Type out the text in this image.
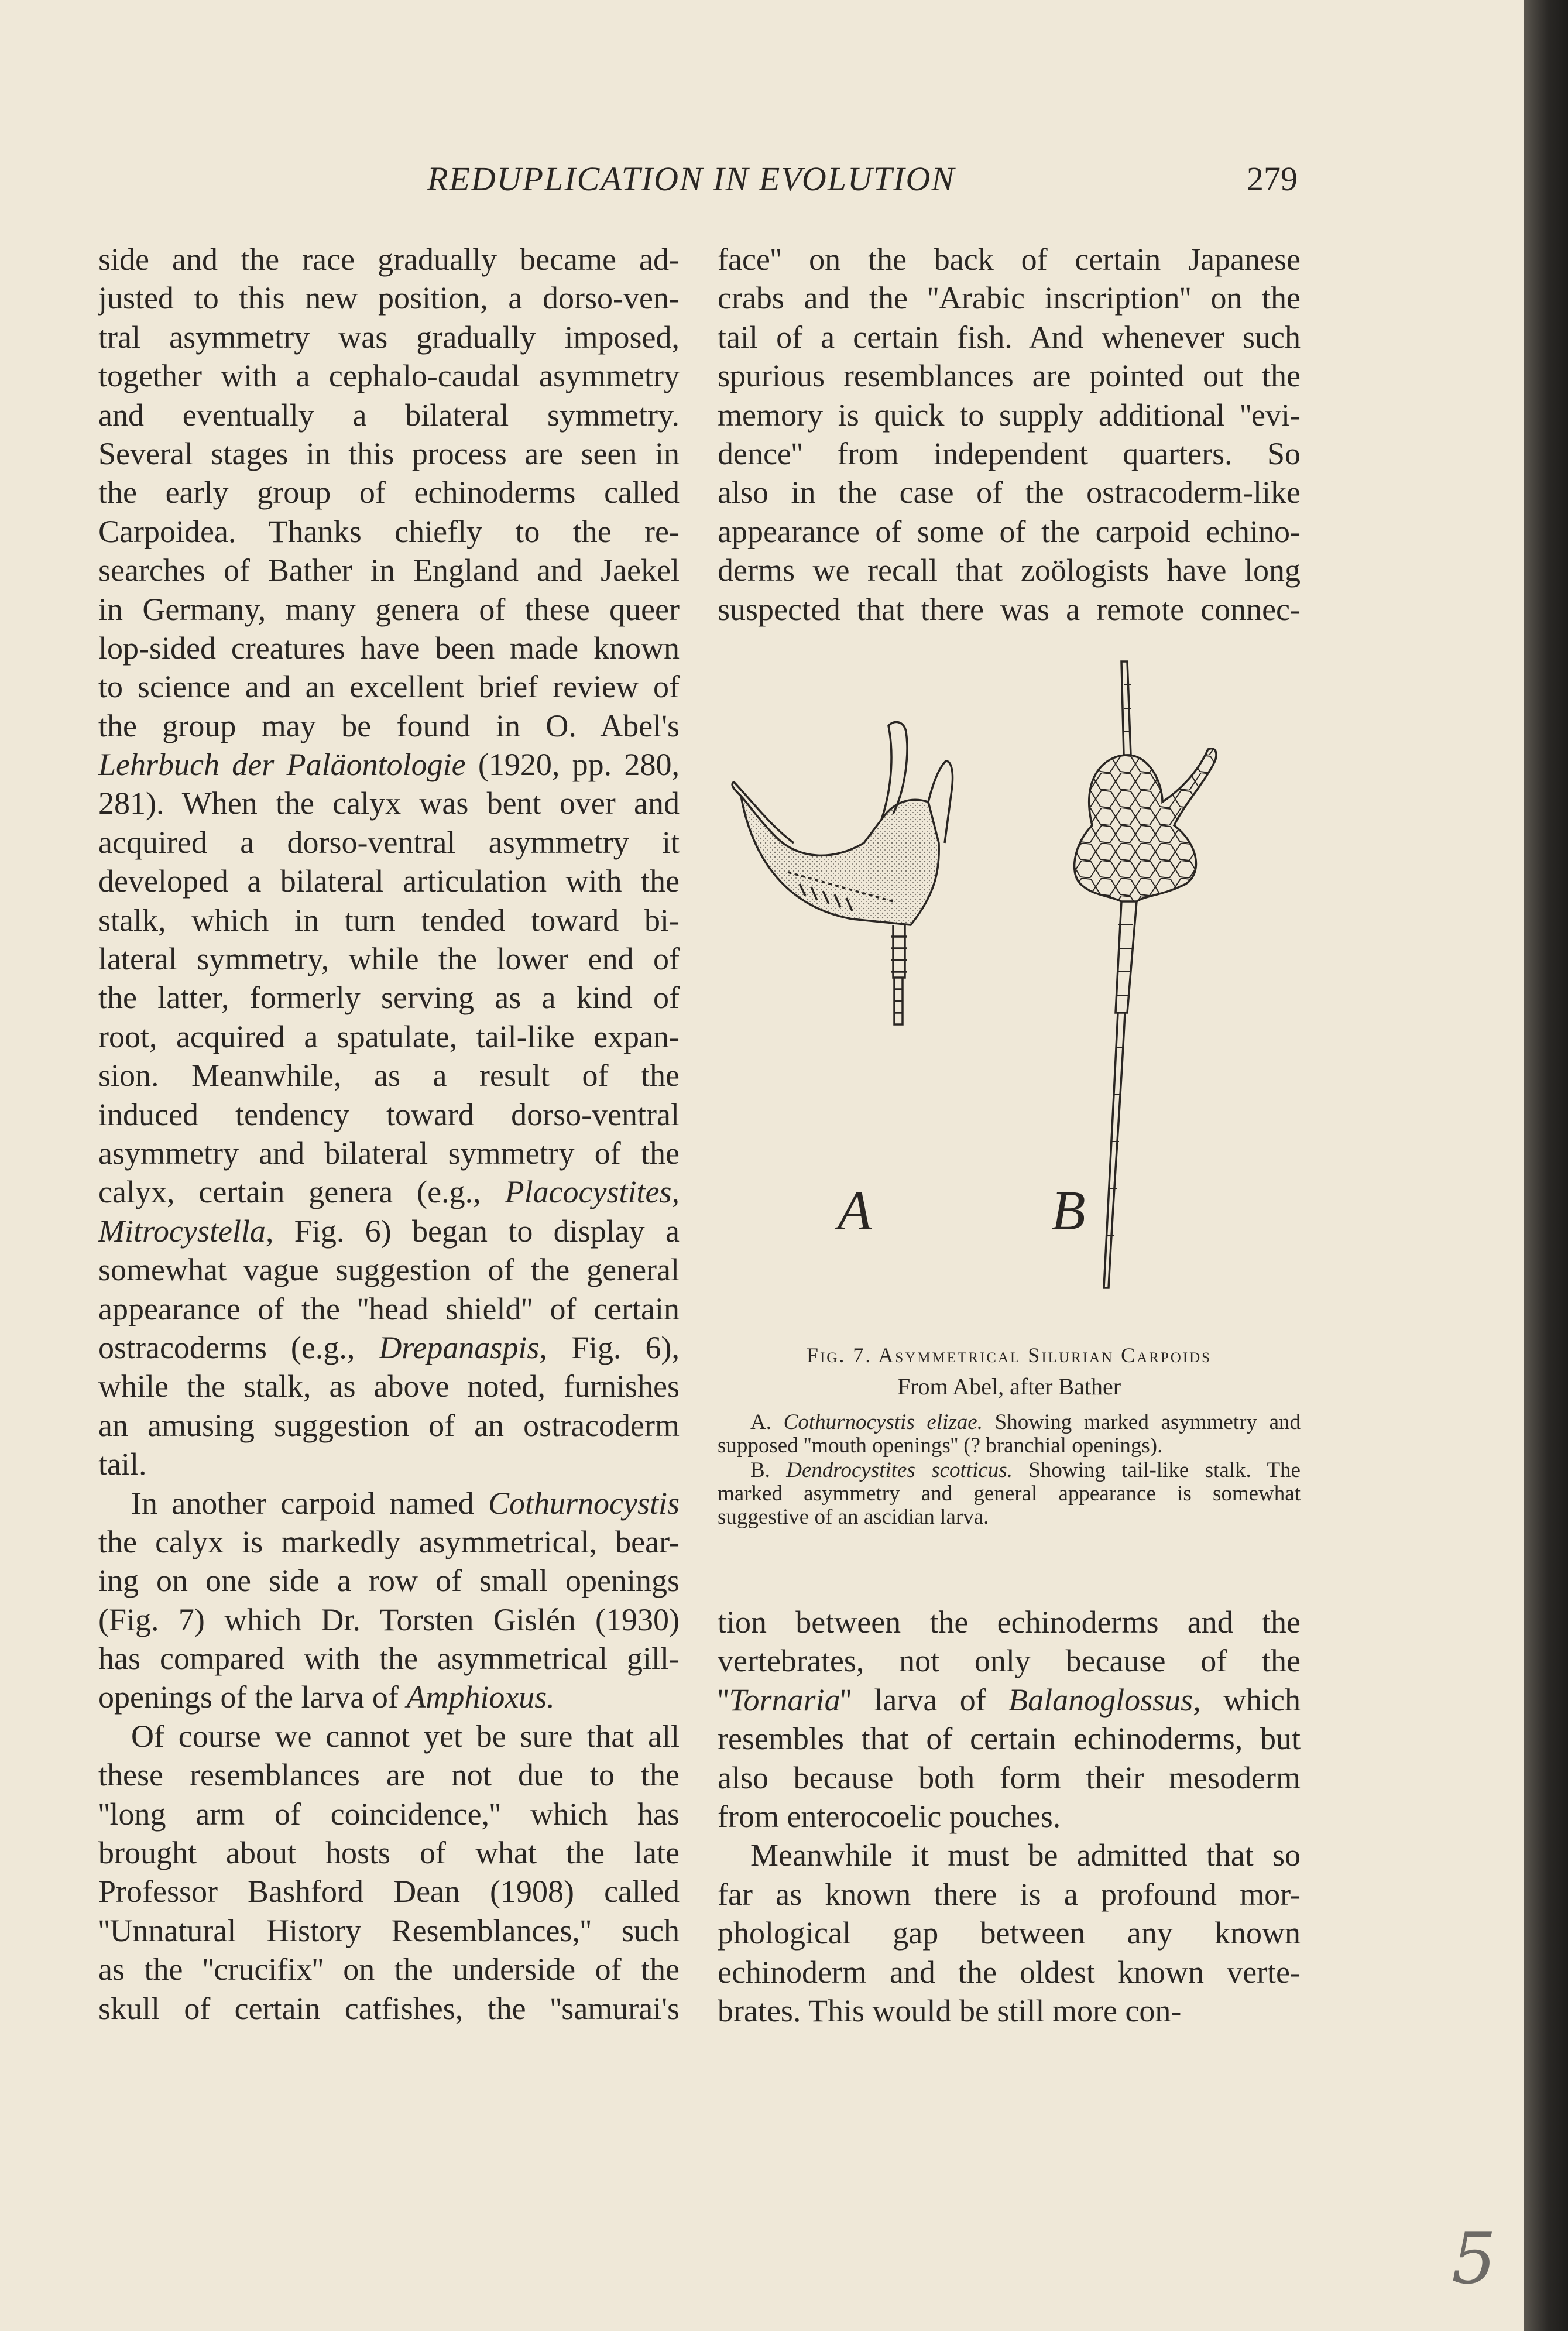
REDUPLICATION IN EVOLUTION	279
side and the race gradually became ad-
justed to this new position, a dorso-ven-
tral asymmetry was gradually imposed,
together with a cephalo-caudal asymmetry
and eventually a bilateral symmetry.
Several stages in this process are seen in
the early group of echinoderms called
Carpoidea. Thanks chiefly to the re-
searches of Bather in England and Jaekel
in Germany, many genera of these queer
lop-sided creatures have been made known
to science and an excellent brief review of
the group may be found in O. Abel's
Lehrbuch der Paläontologie (1920, pp. 280,
281). When the calyx was bent over and
acquired a dorso-ventral asymmetry it
developed a bilateral articulation with the
stalk, which in turn tended toward bi-
lateral symmetry, while the lower end of
the latter, formerly serving as a kind of
root, acquired a spatulate, tail-like expan-
sion. Meanwhile, as a result of the
induced tendency toward dorso-ventral
asymmetry and bilateral symmetry of the
calyx, certain genera (e.g., Placocystites,
Mitrocystella, Fig. 6) began to display a
somewhat vague suggestion of the general
appearance of the ''head shield'' of certain
ostracoderms (e.g., Drepanaspis, Fig. 6),
while the stalk, as above noted, furnishes
an amusing suggestion of an ostracoderm
tail.
In another carpoid named Cothurnocystis
the calyx is markedly asymmetrical, bear-
ing on one side a row of small openings
(Fig. 7) which Dr. Torsten Gislén (1930)
has compared with the asymmetrical gill-
openings of the larva of Amphioxus.
Of course we cannot yet be sure that all
these resemblances are not due to the
''long arm of coincidence,'' which has
brought about hosts of what the late
Professor Bashford Dean (1908) called
''Unnatural History Resemblances,'' such
as the ''crucifix'' on the underside of the
skull of certain catfishes, the ''samurai's
face'' on the back of certain Japanese
crabs and the ''Arabic inscription'' on the
tail of a certain fish. And whenever such
spurious resemblances are pointed out the
memory is quick to supply additional ''evi-
dence'' from independent quarters. So
also in the case of the ostracoderm-like
appearance of some of the carpoid echino-
derms we recall that zoölogists have long
suspected that there was a remote connec-
A	B
Fig. 7. Asymmetrical Silurian Carpoids
From Abel, after Bather

A. Cothurnocystis elizae. Showing marked asymmetry and supposed ''mouth openings'' (? branchial openings).

B. Dendrocystites scotticus. Showing tail-like stalk. The marked asymmetry and general appearance is somewhat suggestive of an ascidian larva.

tion between the echinoderms and the
vertebrates, not only because of the
''Tornaria'' larva of Balanoglossus, which
resembles that of certain echinoderms, but
also because both form their mesoderm
from enterocoelic pouches.
Meanwhile it must be admitted that so
far as known there is a profound mor-
phological gap between any known
echinoderm and the oldest known verte-
brates. This would be still more con-
5
